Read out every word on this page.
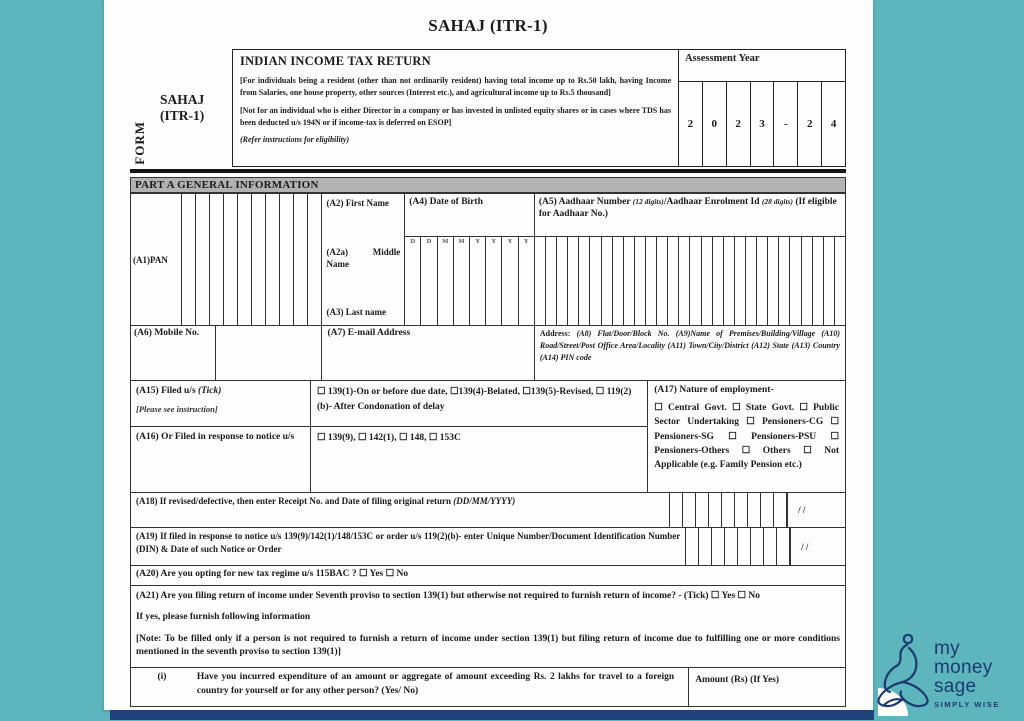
SAHAJ (ITR-1)
FORM
SAHAJ (ITR-1)
INDIAN INCOME TAX RETURN
[For individuals being a resident (other than not ordinarily resident) having total income up to Rs.50 lakh, having Income from Salaries, one house property, other sources (Interest etc.), and agricultural income up to Rs.5 thousand]
[Not for an individual who is either Director in a company or has invested in unlisted equity shares or in cases where TDS has been deducted u/s 194N or if income-tax is deferred on ESOP]
(Refer instructions for eligibility)
Assessment Year
2	0	2	3	-	2	4
PART A GENERAL INFORMATION
(A1)PAN
(A2) First Name
(A2a) Middle Name
(A3) Last name
(A4) Date of Birth
D	D	M	M	Y	Y	Y	Y
(A5) Aadhaar Number (12 digits)/Aadhaar Enrolment Id (28 digits) (If eligible for Aadhaar No.)
(A6) Mobile No.	(A7) E-mail Address	Address: (A8) Flat/Door/Block No. (A9)Name of Premises/Building/Village (A10) Road/Street/Post Office Area/Locality (A11) Town/City/District (A12) State (A13) Country (A14) PIN code
(A15) Filed u/s (Tick)
[Please see instruction]
☐ 139(1)-On or before due date, ☐139(4)-Belated, ☐139(5)-Revised, ☐ 119(2)(b)- After Condonation of delay
(A16) Or Filed in response to notice u/s	☐ 139(9), ☐ 142(1), ☐ 148, ☐ 153C
(A17) Nature of employment-
☐ Central Govt. ☐ State Govt. ☐ Public Sector Undertaking ☐ Pensioners-CG ☐ Pensioners-SG ☐ Pensioners-PSU ☐ Pensioners-Others ☐ Others ☐ Not Applicable (e.g. Family Pension etc.)
(A18) If revised/defective, then enter Receipt No. and Date of filing original return (DD/MM/YYYY)
/ /
(A19) If filed in response to notice u/s 139(9)/142(1)/148/153C or order u/s 119(2)(b)- enter Unique Number/Document Identification Number (DIN) & Date of such Notice or Order	/ /
(A20) Are you opting for new tax regime u/s 115BAC ? ☐ Yes ☐ No

(A21) Are you filing return of income under Seventh proviso to section 139(1) but otherwise not required to furnish return of income? - (Tick) ☐ Yes ☐ No

If yes, please furnish following information

[Note: To be filled only if a person is not required to furnish a return of income under section 139(1) but filing return of income due to fulfilling one or more conditions mentioned in the seventh proviso to section 139(1)]

(i)	Have you incurred expenditure of an amount or aggregate of amount exceeding Rs. 2 lakhs for travel to a foreign country for yourself or for any other person? (Yes/ No)
Amount (Rs) (If Yes)
my
money
sage
SIMPLY WISE
